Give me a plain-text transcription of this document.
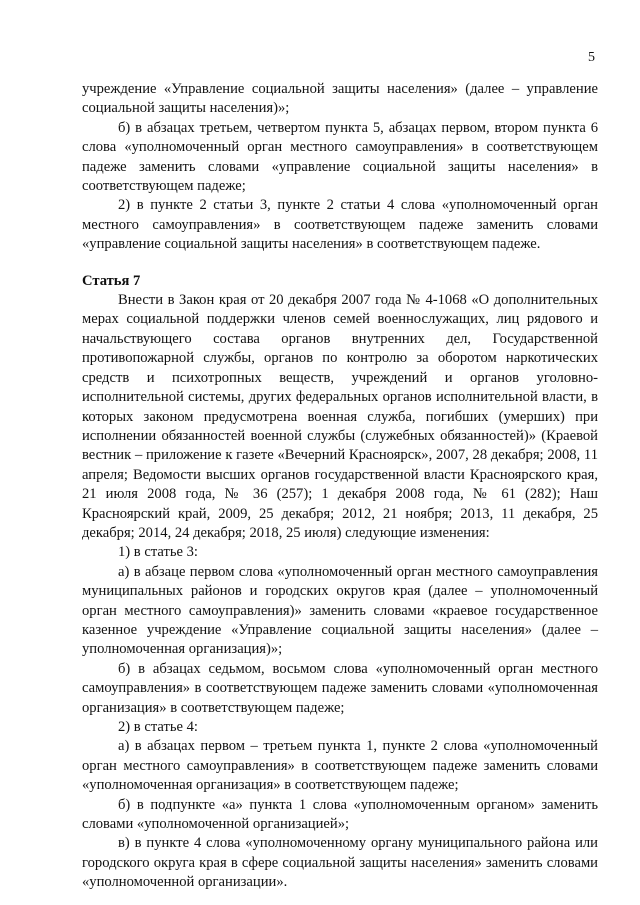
5

учреждение «Управление социальной защиты населения» (далее – управление социальной защиты населения)»;

б) в абзацах третьем, четвертом пункта 5, абзацах первом, втором пункта 6 слова «уполномоченный орган местного самоуправления» в соответствующем падеже заменить словами «управление социальной защиты населения» в соответствующем падеже;

2) в пункте 2 статьи 3, пункте 2 статьи 4 слова «уполномоченный орган местного самоуправления» в соответствующем падеже заменить словами «управление социальной защиты населения» в соответствующем падеже.

Статья 7

Внести в Закон края от 20 декабря 2007 года № 4-1068 «О дополнительных мерах социальной поддержки членов семей военнослужащих, лиц рядового и начальствующего состава органов внутренних дел, Государственной противопожарной службы, органов по контролю за оборотом наркотических средств и психотропных веществ, учреждений и органов уголовно-исполнительной системы, других федеральных органов исполнительной власти, в которых законом предусмотрена военная служба, погибших (умерших) при исполнении обязанностей военной службы (служебных обязанностей)» (Краевой вестник – приложение к газете «Вечерний Красноярск», 2007, 28 декабря; 2008, 11 апреля; Ведомости высших органов государственной власти Красноярского края, 21 июля 2008 года, № 36 (257); 1 декабря 2008 года, № 61 (282); Наш Красноярский край, 2009, 25 декабря; 2012, 21 ноября; 2013, 11 декабря, 25 декабря; 2014, 24 декабря; 2018, 25 июля) следующие изменения:

1) в статье 3:

а) в абзаце первом слова «уполномоченный орган местного самоуправления муниципальных районов и городских округов края (далее – уполномоченный орган местного самоуправления)» заменить словами «краевое государственное казенное учреждение «Управление социальной защиты населения» (далее – уполномоченная организация)»;

б) в абзацах седьмом, восьмом слова «уполномоченный орган местного самоуправления» в соответствующем падеже заменить словами «уполномоченная организация» в соответствующем падеже;

2) в статье 4:

а) в абзацах первом – третьем пункта 1, пункте 2 слова «уполномоченный орган местного самоуправления» в соответствующем падеже заменить словами «уполномоченная организация» в соответствующем падеже;

б) в подпункте «а» пункта 1 слова «уполномоченным органом» заменить словами «уполномоченной организацией»;

в) в пункте 4 слова «уполномоченному органу муниципального района или городского округа края в сфере социальной защиты населения» заменить словами «уполномоченной организации».
